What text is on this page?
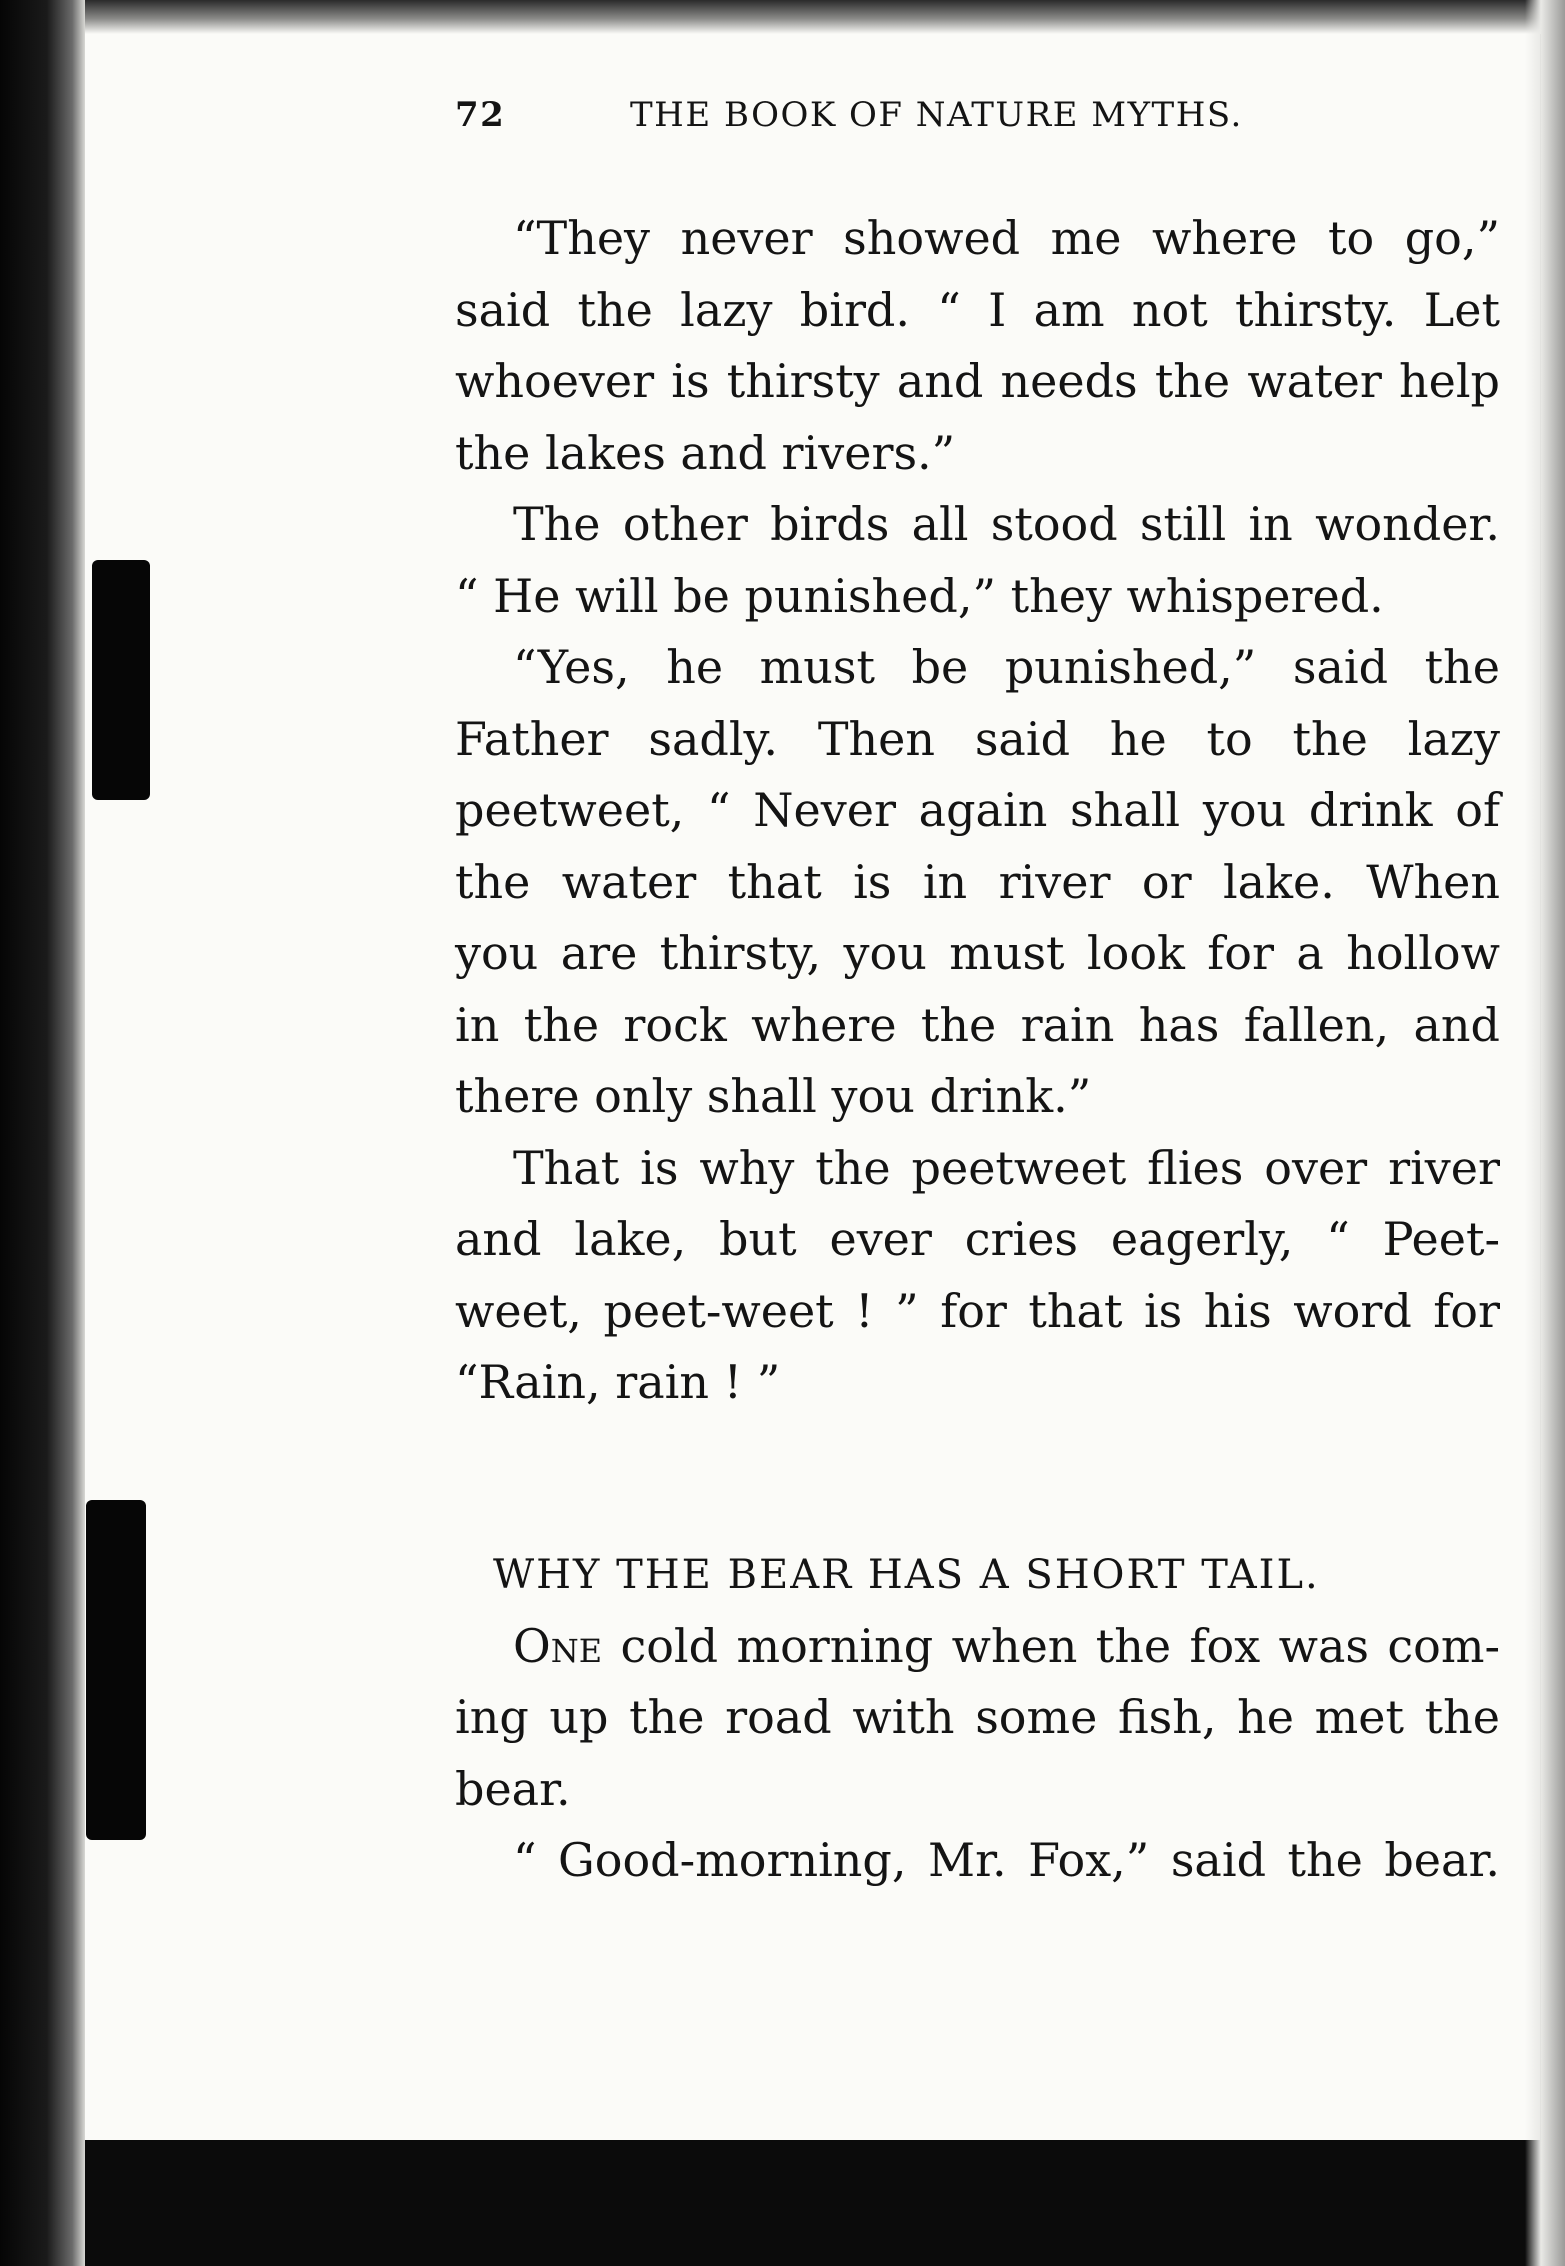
72	THE BOOK OF NATURE MYTHS.
“They never showed me where to go,”
said the lazy bird. “ I am not thirsty. Let
whoever is thirsty and needs the water help
the lakes and rivers.”
The other birds all stood still in wonder.
“ He will be punished,” they whispered.
“Yes, he must be punished,” said the
Father sadly. Then said he to the lazy
peetweet, “ Never again shall you drink of
the water that is in river or lake. When
you are thirsty, you must look for a hollow
in the rock where the rain has fallen, and
there only shall you drink.”
That is why the peetweet flies over river
and lake, but ever cries eagerly, “ Peet-
weet, peet-weet ! ” for that is his word for
“Rain, rain ! ”
WHY THE BEAR HAS A SHORT TAIL.
One cold morning when the fox was com-
ing up the road with some fish, he met the
bear.
“ Good-morning, Mr. Fox,” said the bear.
